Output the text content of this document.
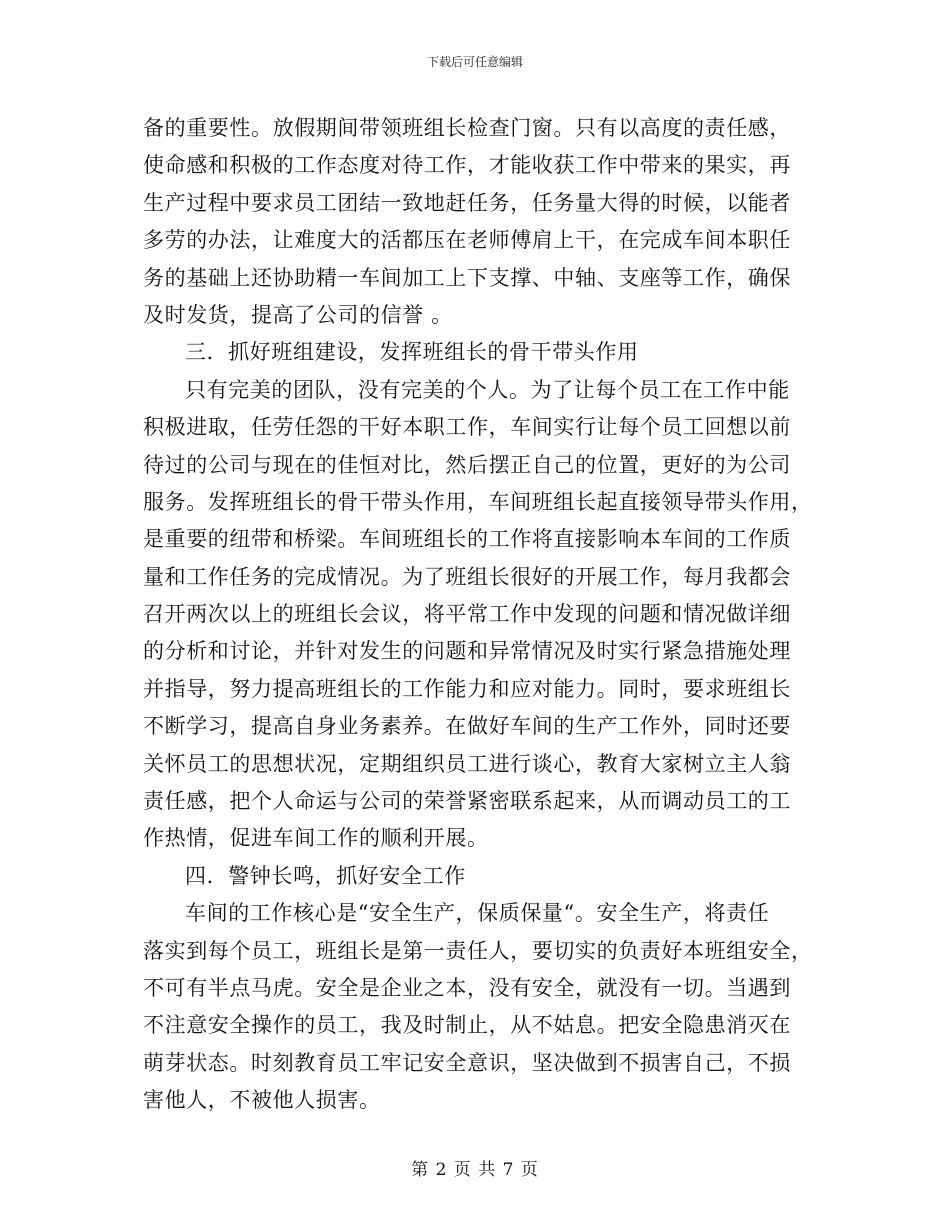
下载后可任意编辑
备的重要性。放假期间带领班组长检查门窗。只有以高度的责任感，
使命感和积极的工作态度对待工作，才能收获工作中带来的果实，再
生产过程中要求员工团结一致地赶任务，任务量大得的时候，以能者
多劳的办法，让难度大的活都压在老师傅肩上干，在完成车间本职任
务的基础上还协助精一车间加工上下支撑、中轴、支座等工作，确保
及时发货，提高了公司的信誉 。
三．抓好班组建设，发挥班组长的骨干带头作用
只有完美的团队，没有完美的个人。为了让每个员工在工作中能
积极进取，任劳任怨的干好本职工作，车间实行让每个员工回想以前
待过的公司与现在的佳恒对比，然后摆正自己的位置，更好的为公司
服务。发挥班组长的骨干带头作用，车间班组长起直接领导带头作用，
是重要的纽带和桥梁。车间班组长的工作将直接影响本车间的工作质
量和工作任务的完成情况。为了班组长很好的开展工作，每月我都会
召开两次以上的班组长会议，将平常工作中发现的问题和情况做详细
的分析和讨论，并针对发生的问题和异常情况及时实行紧急措施处理
并指导，努力提高班组长的工作能力和应对能力。同时，要求班组长
不断学习，提高自身业务素养。在做好车间的生产工作外，同时还要
关怀员工的思想状况，定期组织员工进行谈心，教育大家树立主人翁
责任感，把个人命运与公司的荣誉紧密联系起来，从而调动员工的工
作热情，促进车间工作的顺利开展。
四．警钟长鸣，抓好安全工作
车间的工作核心是“安全生产，保质保量“。安全生产，将责任
落实到每个员工，班组长是第一责任人，要切实的负责好本班组安全，
不可有半点马虎。安全是企业之本，没有安全，就没有一切。当遇到
不注意安全操作的员工，我及时制止，从不姑息。把安全隐患消灭在
萌芽状态。时刻教育员工牢记安全意识，坚决做到不损害自己，不损
害他人，不被他人损害。
第 2 页 共 7 页
